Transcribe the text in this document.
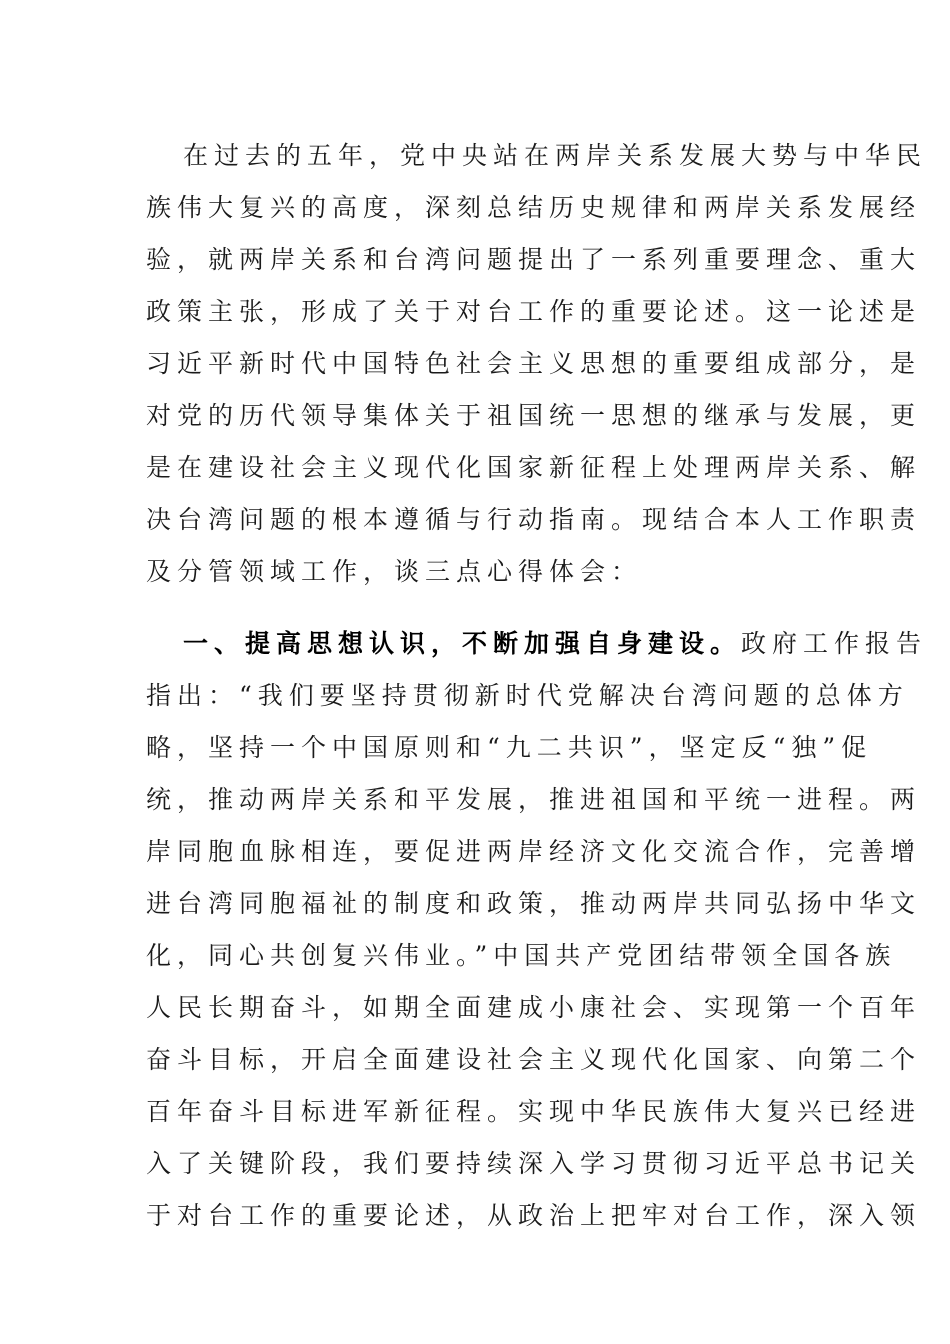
在过去的五年，党中央站在两岸关系发展大势与中华民
族伟大复兴的高度，深刻总结历史规律和两岸关系发展经
验，就两岸关系和台湾问题提出了一系列重要理念、重大
政策主张，形成了关于对台工作的重要论述。这一论述是
习近平新时代中国特色社会主义思想的重要组成部分，是
对党的历代领导集体关于祖国统一思想的继承与发展，更
是在建设社会主义现代化国家新征程上处理两岸关系、解
决台湾问题的根本遵循与行动指南。现结合本人工作职责
及分管领域工作，谈三点心得体会：
一、提高思想认识，不断加强自身建设。政府工作报告
指出：“我们要坚持贯彻新时代党解决台湾问题的总体方
略，坚持一个中国原则和“九二共识”，坚定反“独”促
统，推动两岸关系和平发展，推进祖国和平统一进程。两
岸同胞血脉相连，要促进两岸经济文化交流合作，完善增
进台湾同胞福祉的制度和政策，推动两岸共同弘扬中华文
化，同心共创复兴伟业。”中国共产党团结带领全国各族
人民长期奋斗，如期全面建成小康社会、实现第一个百年
奋斗目标，开启全面建设社会主义现代化国家、向第二个
百年奋斗目标进军新征程。实现中华民族伟大复兴已经进
入了关键阶段，我们要持续深入学习贯彻习近平总书记关
于对台工作的重要论述，从政治上把牢对台工作，深入领
